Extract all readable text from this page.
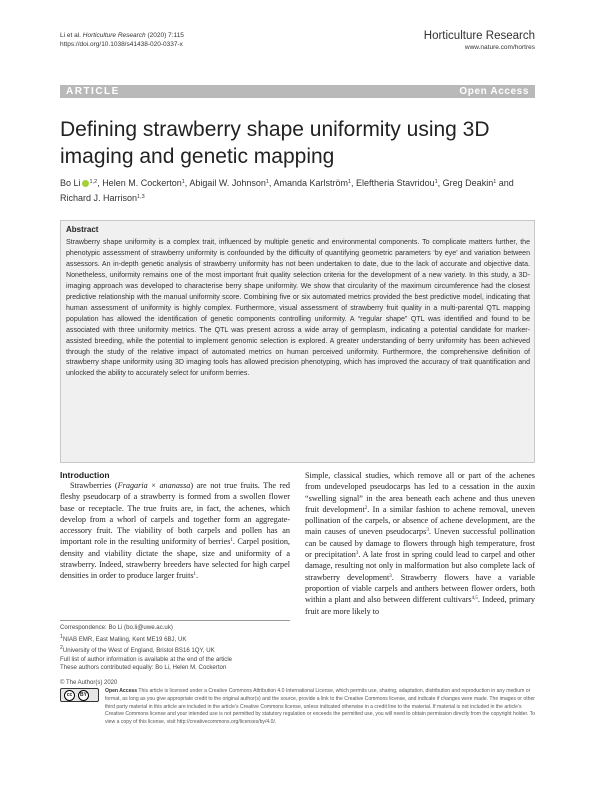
Li et al. Horticulture Research (2020) 7:115
https://doi.org/10.1038/s41438-020-0337-x
Horticulture Research
www.nature.com/hortres
ARTICLE	Open Access
Defining strawberry shape uniformity using 3D imaging and genetic mapping
Bo Li $^{1,2}$, Helen M. Cockerton$^1$, Abigail W. Johnson$^1$, Amanda Karlström$^1$, Eleftheria Stavridou$^1$, Greg Deakin$^1$ and Richard J. Harrison$^{1,3}$
Abstract
Strawberry shape uniformity is a complex trait, influenced by multiple genetic and environmental components. To complicate matters further, the phenotypic assessment of strawberry uniformity is confounded by the difficulty of quantifying geometric parameters ‘by eye’ and variation between assessors. An in-depth genetic analysis of strawberry uniformity has not been undertaken to date, due to the lack of accurate and objective data. Nonetheless, uniformity remains one of the most important fruit quality selection criteria for the development of a new variety. In this study, a 3D-imaging approach was developed to characterise berry shape uniformity. We show that circularity of the maximum circumference had the closest predictive relationship with the manual uniformity score. Combining five or six automated metrics provided the best predictive model, indicating that human assessment of uniformity is highly complex. Furthermore, visual assessment of strawberry fruit quality in a multi-parental QTL mapping population has allowed the identification of genetic components controlling uniformity. A “regular shape” QTL was identified and found to be associated with three uniformity metrics. The QTL was present across a wide array of germplasm, indicating a potential candidate for marker-assisted breeding, while the potential to implement genomic selection is explored. A greater understanding of berry uniformity has been achieved through the study of the relative impact of automated metrics on human perceived uniformity. Furthermore, the comprehensive definition of strawberry shape uniformity using 3D imaging tools has allowed precision phenotyping, which has improved the accuracy of trait quantification and unlocked the ability to accurately select for uniform berries.
Introduction

Strawberries (Fragaria × ananassa) are not true fruits. The red fleshy pseudocarp of a strawberry is formed from a swollen flower base or receptacle. The true fruits are, in fact, the achenes, which develop from a whorl of carpels and together form an aggregate-accessory fruit. The viability of both carpels and pollen has an important role in the resulting uniformity of berries$^1$. Carpel position, density and viability dictate the shape, size and uniformity of a strawberry. Indeed, strawberry breeders have selected for high carpel densities in order to produce larger fruits$^1$.

Simple, classical studies, which remove all or part of the achenes from undeveloped pseudocarps has led to a cessation in the auxin “swelling signal” in the area beneath each achene and thus uneven fruit development$^2$. In a similar fashion to achene removal, uneven pollination of the carpels, or absence of achene development, are the main causes of uneven pseudocarps$^3$. Uneven successful pollination can be caused by damage to flowers through high temperature, frost or precipitation$^3$. A late frost in spring could lead to carpel and other damage, resulting not only in malformation but also complete lack of strawberry development$^3$. Strawberry flowers have a variable proportion of viable carpels and anthers between flower orders, both within a plant and also between different cultivars$^{4,5}$. Indeed, primary fruit are more likely to

Correspondence: Bo Li (bo.li@uwe.ac.uk)
$^1$NIAB EMR, East Malling, Kent ME19 6BJ, UK
$^2$University of the West of England, Bristol BS16 1QY, UK
Full list of author information is available at the end of the article
These authors contributed equally: Bo Li, Helen M. Cockerton
© The Author(s) 2020
cc	BY
Open Access This article is licensed under a Creative Commons Attribution 4.0 International License, which permits use, sharing, adaptation, distribution and reproduction in any medium or format, as long as you give appropriate credit to the original author(s) and the source, provide a link to the Creative Commons license, and indicate if changes were made. The images or other third party material in this article are included in the article’s Creative Commons license, unless indicated otherwise in a credit line to the material. If material is not included in the article’s Creative Commons license and your intended use is not permitted by statutory regulation or exceeds the permitted use, you will need to obtain permission directly from the copyright holder. To view a copy of this license, visit http://creativecommons.org/licenses/by/4.0/.
